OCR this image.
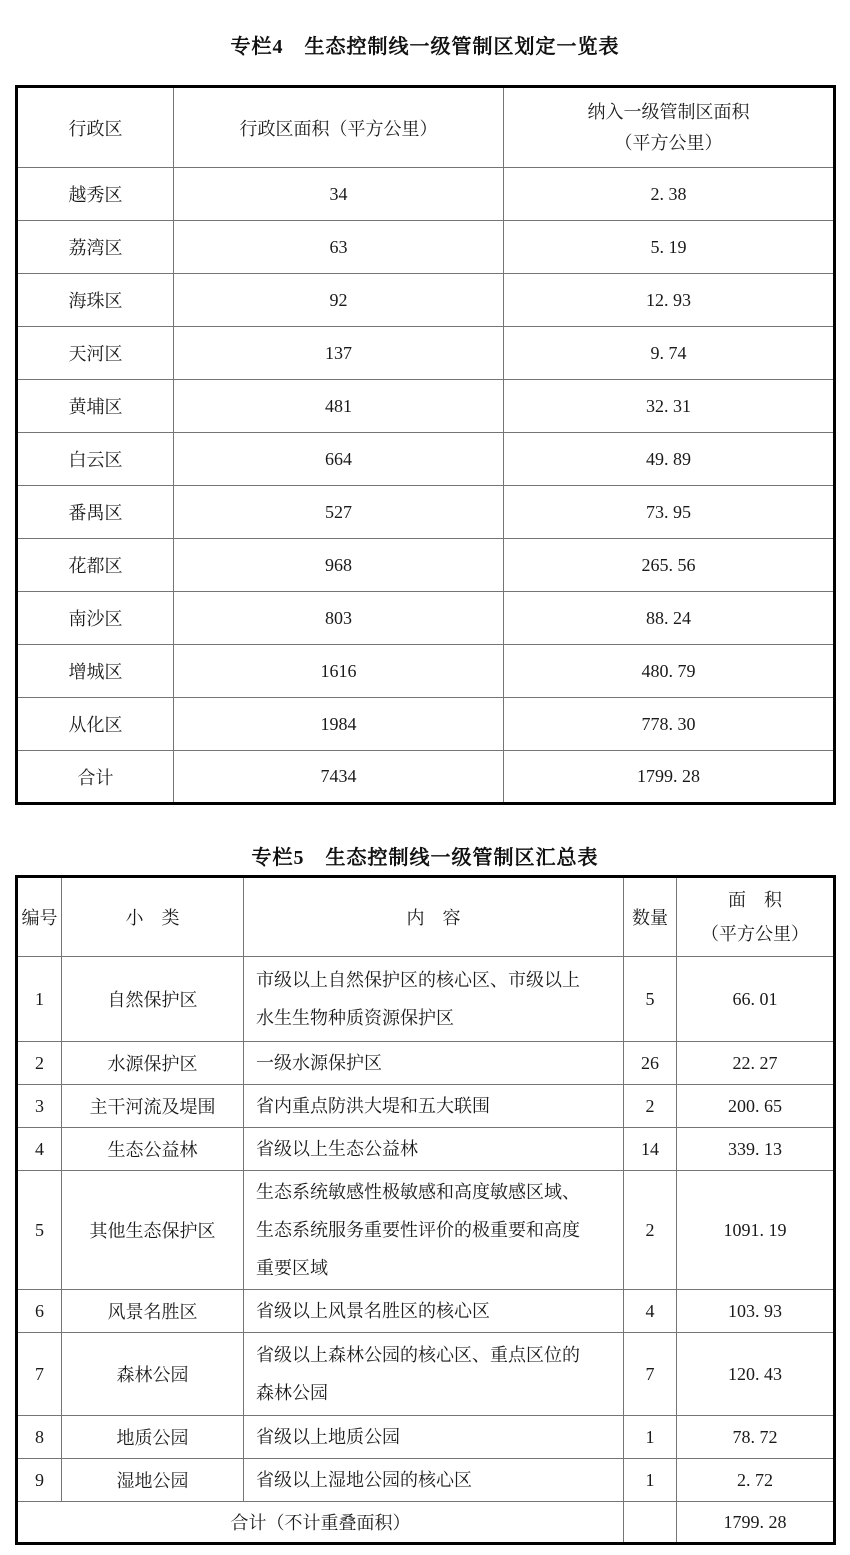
专栏4　生态控制线一级管制区划定一览表
行政区	行政区面积（平方公里）	纳入一级管制区面积
（平方公里）

越秀区	34	2. 38
荔湾区	63	5. 19
海珠区	92	12. 93
天河区	137	9. 74
黄埔区	481	32. 31
白云区	664	49. 89
番禺区	527	73. 95
花都区	968	265. 56
南沙区	803	88. 24
增城区	1616	480. 79
从化区	1984	778. 30
合计	7434	1799. 28
专栏5　生态控制线一级管制区汇总表
编号	小　类	内　容	数量	面　积
（平方公里）

1	自然保护区	市级以上自然保护区的核心区、市级以上水生生物种质资源保护区	5	66. 01
2	水源保护区	一级水源保护区	26	22. 27
3	主干河流及堤围	省内重点防洪大堤和五大联围	2	200. 65
4	生态公益林	省级以上生态公益林	14	339. 13
5	其他生态保护区	生态系统敏感性极敏感和高度敏感区域、生态系统服务重要性评价的极重要和高度重要区域	2	1091. 19
6	风景名胜区	省级以上风景名胜区的核心区	4	103. 93
7	森林公园	省级以上森林公园的核心区、重点区位的森林公园	7	120. 43
8	地质公园	省级以上地质公园	1	78. 72
9	湿地公园	省级以上湿地公园的核心区	1	2. 72
合计（不计重叠面积）				1799. 28
